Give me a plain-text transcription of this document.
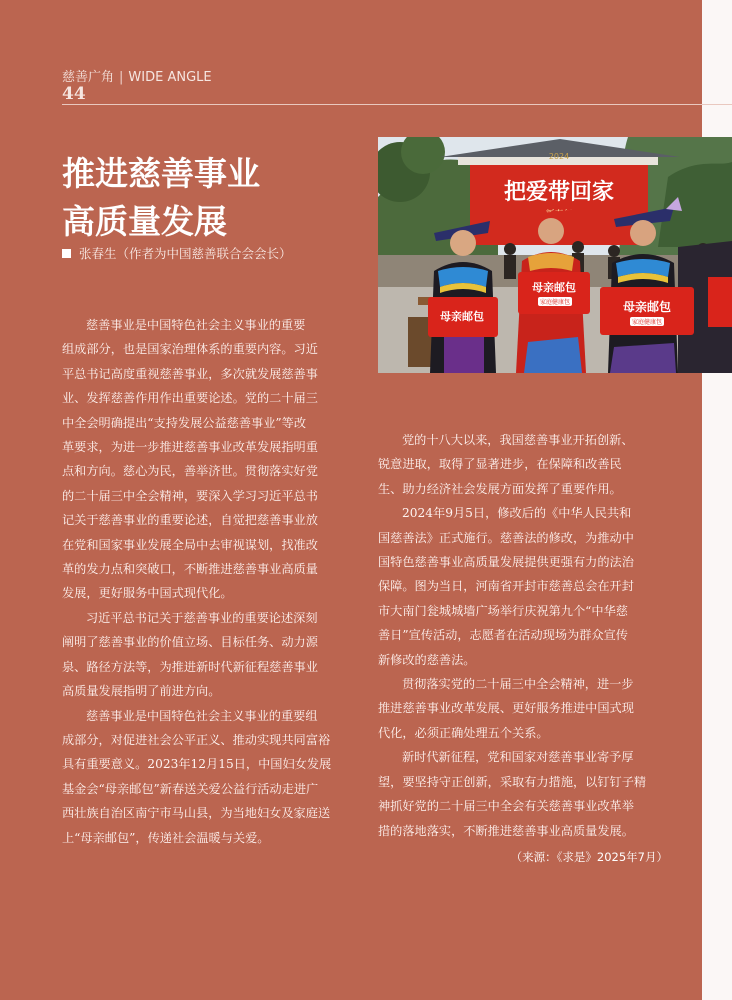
慈善广角 | WIDE ANGLE
44
推进慈善事业
高质量发展
张春生（作者为中国慈善联合会会长）
2024
把爱带回家
母亲邮包
母亲邮包
家庭健康包	母亲邮包
家庭健康包
慈善事业是中国特色社会主义事业的重要
组成部分，也是国家治理体系的重要内容。习近
平总书记高度重视慈善事业，多次就发展慈善事
业、发挥慈善作用作出重要论述。党的二十届三
中全会明确提出“支持发展公益慈善事业”等改
革要求，为进一步推进慈善事业改革发展指明重
点和方向。慈心为民，善举济世。贯彻落实好党
的二十届三中全会精神，要深入学习习近平总书
记关于慈善事业的重要论述，自觉把慈善事业放
在党和国家事业发展全局中去审视谋划，找准改
革的发力点和突破口，不断推进慈善事业高质量
发展，更好服务中国式现代化。
习近平总书记关于慈善事业的重要论述深刻
阐明了慈善事业的价值立场、目标任务、动力源
泉、路径方法等，为推进新时代新征程慈善事业
高质量发展指明了前进方向。
慈善事业是中国特色社会主义事业的重要组
成部分，对促进社会公平正义、推动实现共同富裕
具有重要意义。2023年12月15日，中国妇女发展
基金会“母亲邮包”新春送关爱公益行活动走进广
西壮族自治区南宁市马山县，为当地妇女及家庭送
上“母亲邮包”，传递社会温暖与关爱。
党的十八大以来，我国慈善事业开拓创新、
锐意进取，取得了显著进步，在保障和改善民
生、助力经济社会发展方面发挥了重要作用。
2024年9月5日，修改后的《中华人民共和
国慈善法》正式施行。慈善法的修改，为推动中
国特色慈善事业高质量发展提供更强有力的法治
保障。图为当日，河南省开封市慈善总会在开封
市大南门瓮城城墙广场举行庆祝第九个“中华慈
善日”宣传活动，志愿者在活动现场为群众宣传
新修改的慈善法。
贯彻落实党的二十届三中全会精神，进一步
推进慈善事业改革发展、更好服务推进中国式现
代化，必须正确处理五个关系。
新时代新征程，党和国家对慈善事业寄予厚
望，要坚持守正创新，采取有力措施，以钉钉子精
神抓好党的二十届三中全会有关慈善事业改革举
措的落地落实，不断推进慈善事业高质量发展。
（来源：《求是》2025年7月）
